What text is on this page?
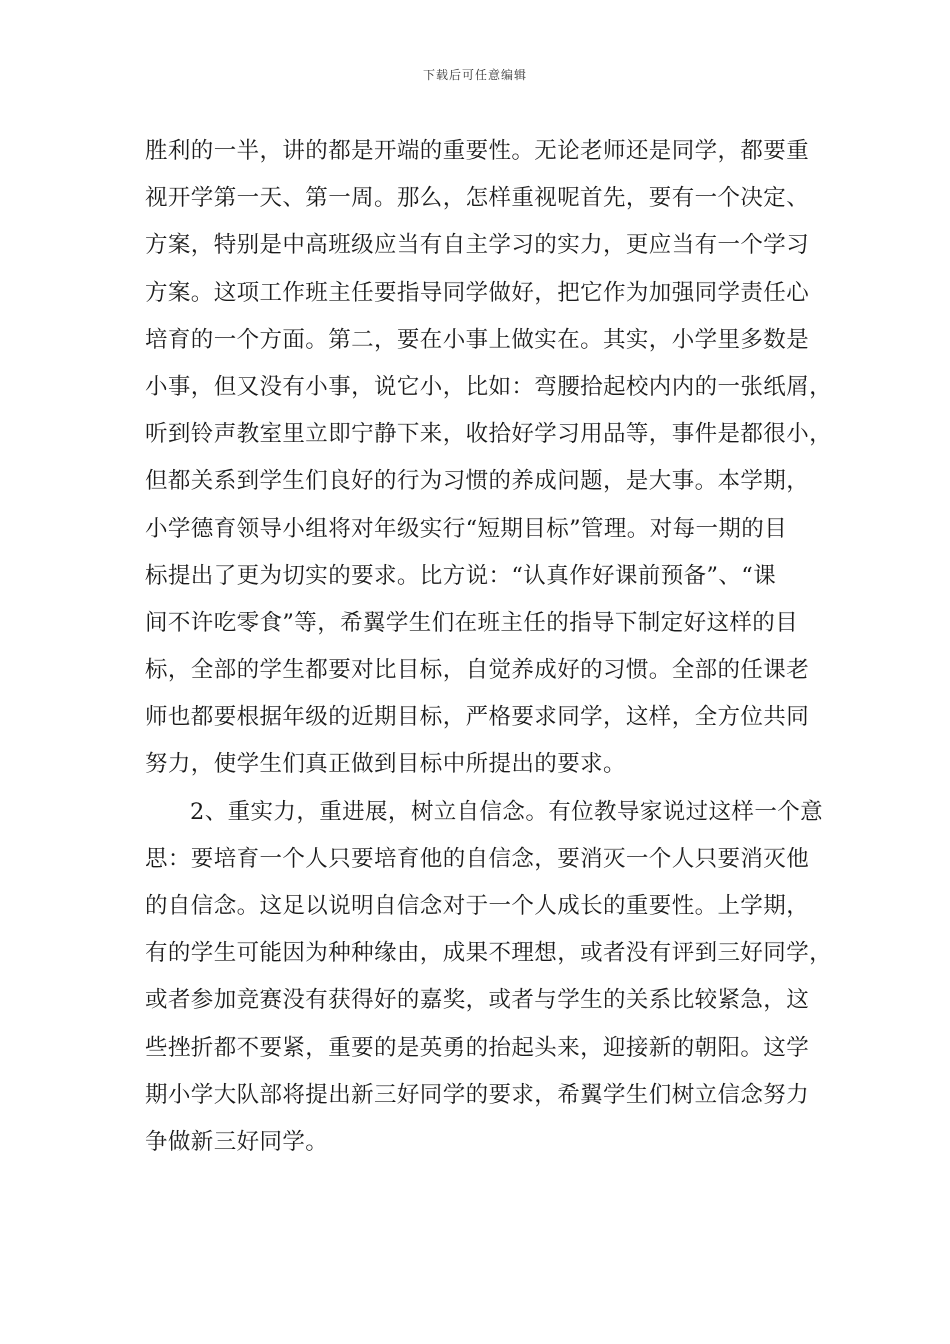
下载后可任意编辑
胜利的一半，讲的都是开端的重要性。无论老师还是同学，都要重
视开学第一天、第一周。那么，怎样重视呢首先，要有一个决定、
方案，特别是中高班级应当有自主学习的实力，更应当有一个学习
方案。这项工作班主任要指导同学做好，把它作为加强同学责任心
培育的一个方面。第二，要在小事上做实在。其实，小学里多数是
小事，但又没有小事，说它小，比如：弯腰拾起校内内的一张纸屑，
听到铃声教室里立即宁静下来，收拾好学习用品等，事件是都很小，
但都关系到学生们良好的行为习惯的养成问题，是大事。本学期，
小学德育领导小组将对年级实行“短期目标”管理。对每一期的目
标提出了更为切实的要求。比方说：“认真作好课前预备”、“课
间不许吃零食”等，希翼学生们在班主任的指导下制定好这样的目
标，全部的学生都要对比目标，自觉养成好的习惯。全部的任课老
师也都要根据年级的近期目标，严格要求同学，这样，全方位共同
努力，使学生们真正做到目标中所提出的要求。
2、重实力，重进展，树立自信念。有位教导家说过这样一个意
思：要培育一个人只要培育他的自信念，要消灭一个人只要消灭他
的自信念。这足以说明自信念对于一个人成长的重要性。上学期，
有的学生可能因为种种缘由，成果不理想，或者没有评到三好同学，
或者参加竞赛没有获得好的嘉奖，或者与学生的关系比较紧急，这
些挫折都不要紧，重要的是英勇的抬起头来，迎接新的朝阳。这学
期小学大队部将提出新三好同学的要求，希翼学生们树立信念努力
争做新三好同学。
